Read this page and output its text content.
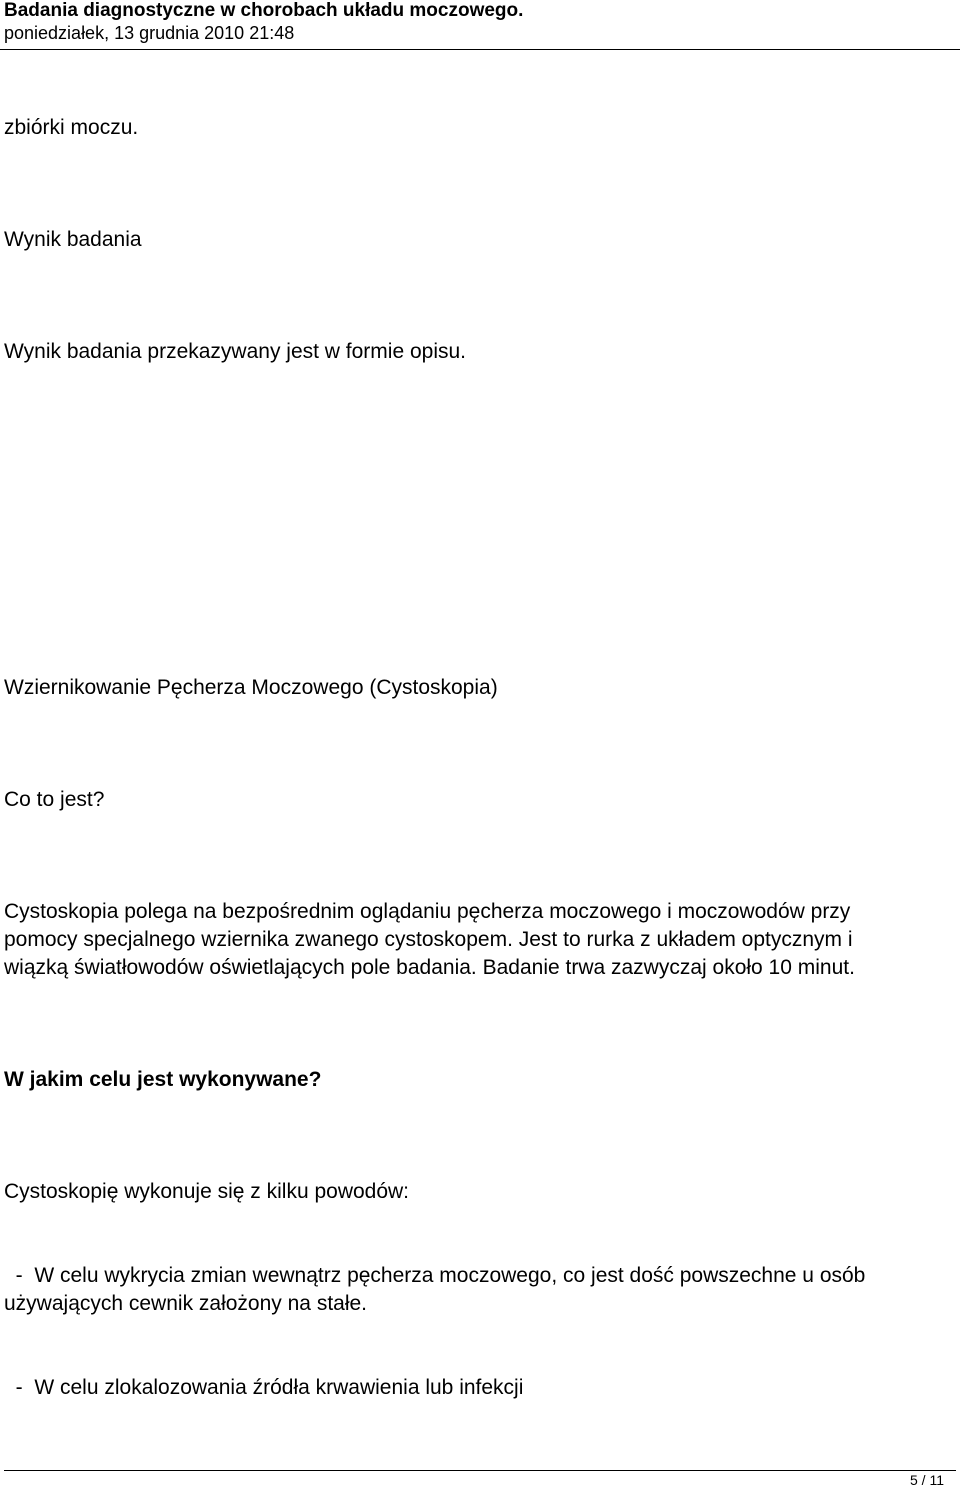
Badania diagnostyczne w chorobach układu moczowego.
poniedziałek, 13 grudnia 2010 21:48
zbiórki moczu.
Wynik badania
Wynik badania przekazywany jest w formie opisu.
Wziernikowanie Pęcherza Moczowego (Cystoskopia)
Co to jest?
Cystoskopia polega na bezpośrednim oglądaniu pęcherza moczowego i moczowodów przy
pomocy specjalnego wziernika zwanego cystoskopem. Jest to rurka z układem optycznym i
wiązką światłowodów oświetlających pole badania. Badanie trwa zazwyczaj około 10 minut.
W jakim celu jest wykonywane?
Cystoskopię wykonuje się z kilku powodów:
-  W celu wykrycia zmian wewnątrz pęcherza moczowego, co jest dość powszechne u osób
używających cewnik założony na stałe.
-  W celu zlokalozowania źródła krwawienia lub infekcji
5 / 11
